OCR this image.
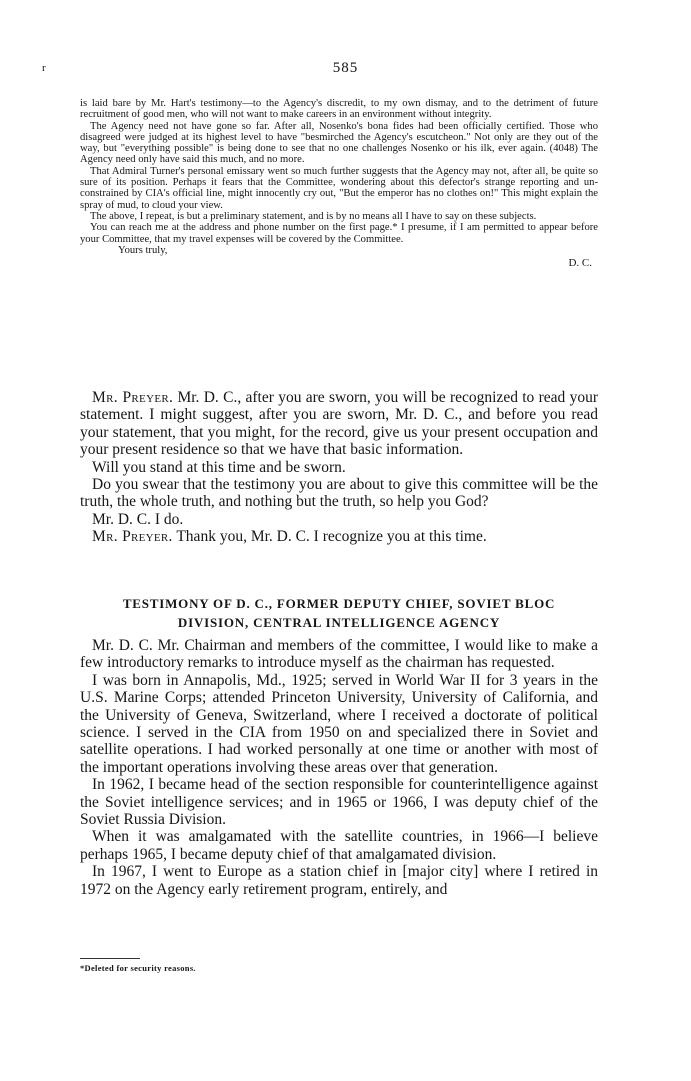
r	585

is laid bare by Mr. Hart's testimony—to the Agency's discredit, to my own dismay, and to the detriment of future recruitment of good men, who will not want to make careers in an environment without integrity.

The Agency need not have gone so far. After all, Nosenko's bona fides had been officially certified. Those who disagreed were judged at its highest level to have "besmirched the Agency's escutcheon." Not only are they out of the way, but "everything possible" is being done to see that no one challenges Nosenko or his ilk, ever again. (4048) The Agency need only have said this much, and no more.

That Admiral Turner's personal emissary went so much further suggests that the Agency may not, after all, be quite so sure of its position. Perhaps it fears that the Committee, wondering about this defector's strange reporting and un-constrained by CIA's official line, might innocently cry out, "But the emperor has no clothes on!" This might explain the spray of mud, to cloud your view.

The above, I repeat, is but a preliminary statement, and is by no means all I have to say on these subjects.

You can reach me at the address and phone number on the first page.* I presume, if I am permitted to appear before your Committee, that my travel expenses will be covered by the Committee.

Yours truly,

D. C.

Mr. Preyer. Mr. D. C., after you are sworn, you will be recognized to read your statement. I might suggest, after you are sworn, Mr. D. C., and before you read your statement, that you might, for the record, give us your present occupation and your present residence so that we have that basic information.

Will you stand at this time and be sworn.

Do you swear that the testimony you are about to give this committee will be the truth, the whole truth, and nothing but the truth, so help you God?

Mr. D. C. I do.

Mr. Preyer. Thank you, Mr. D. C. I recognize you at this time.

TESTIMONY OF D. C., FORMER DEPUTY CHIEF, SOVIET BLOC
DIVISION, CENTRAL INTELLIGENCE AGENCY

Mr. D. C. Mr. Chairman and members of the committee, I would like to make a few introductory remarks to introduce myself as the chairman has requested.

I was born in Annapolis, Md., 1925; served in World War II for 3 years in the U.S. Marine Corps; attended Princeton University, University of California, and the University of Geneva, Switzerland, where I received a doctorate of political science. I served in the CIA from 1950 on and specialized there in Soviet and satellite operations. I had worked personally at one time or another with most of the important operations involving these areas over that generation.

In 1962, I became head of the section responsible for counterintelligence against the Soviet intelligence services; and in 1965 or 1966, I was deputy chief of the Soviet Russia Division.

When it was amalgamated with the satellite countries, in 1966—I believe perhaps 1965, I became deputy chief of that amalgamated division.

In 1967, I went to Europe as a station chief in [major city] where I retired in 1972 on the Agency early retirement program, entirely, and

*Deleted for security reasons.
